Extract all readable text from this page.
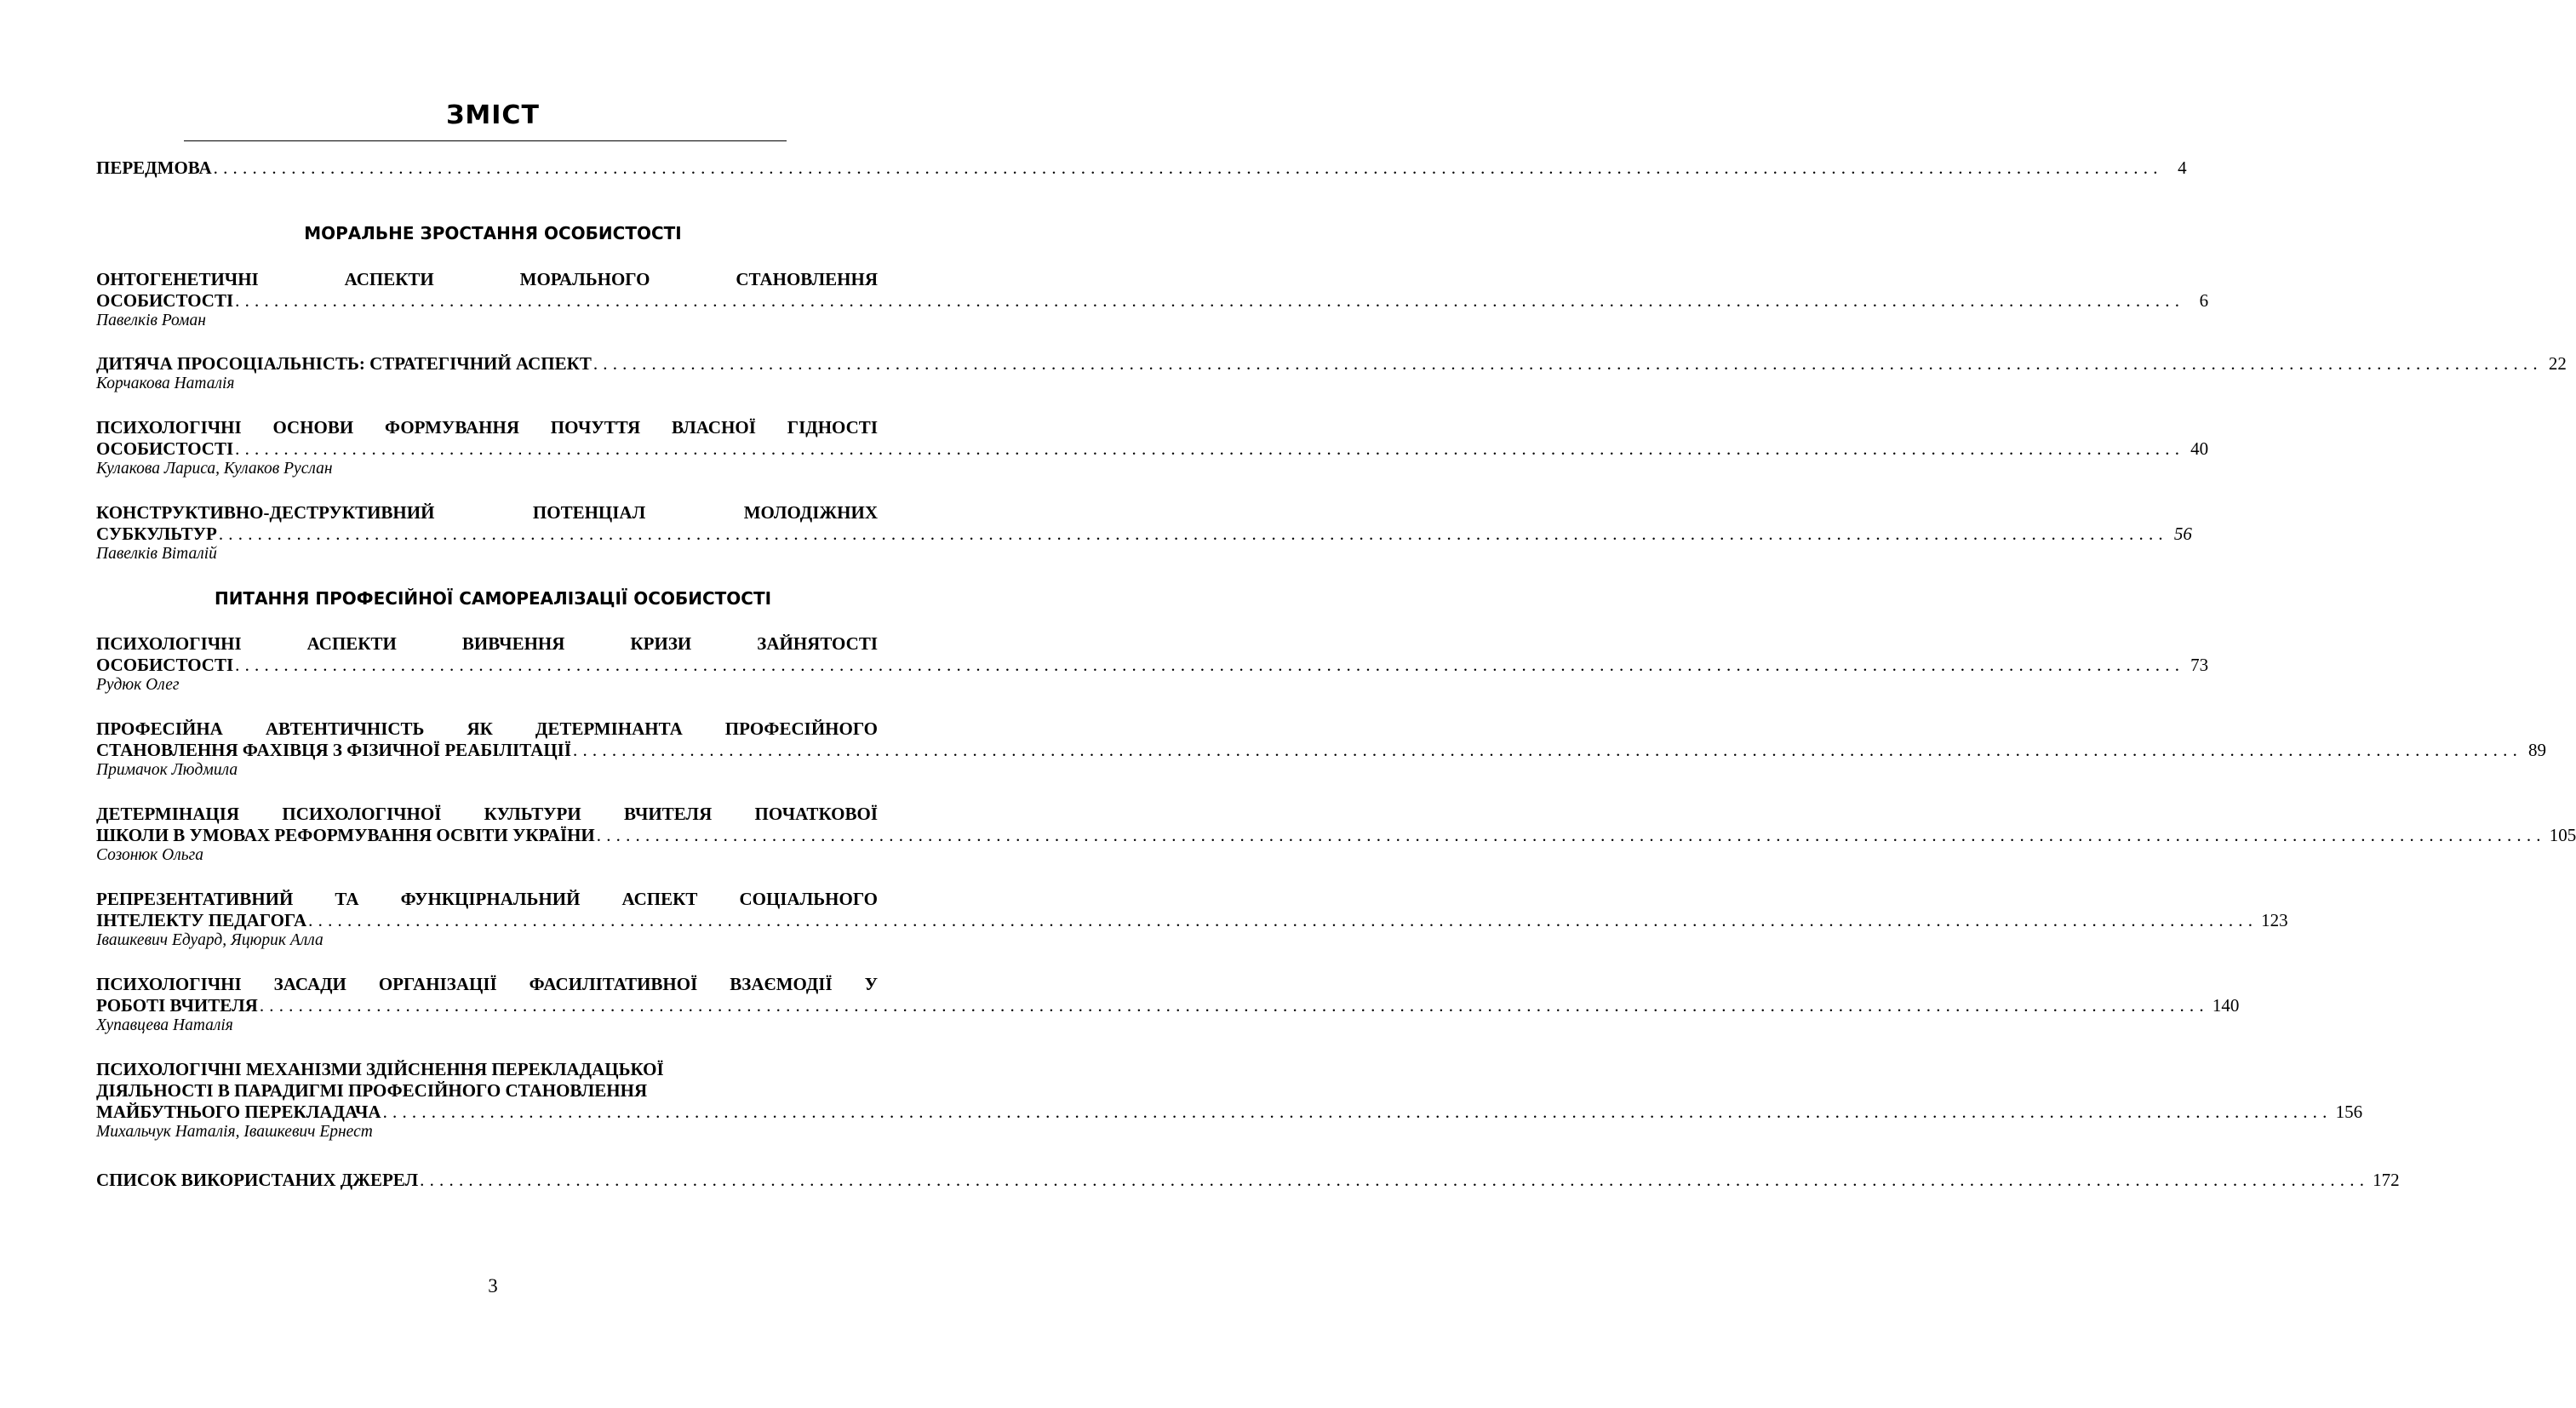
ЗМІСТ
ПЕРЕДМОВА ........................................................................................................................................................................................................ 4
МОРАЛЬНЕ ЗРОСТАННЯ ОСОБИСТОСТІ
ОНТОГЕНЕТИЧНІ АСПЕКТИ МОРАЛЬНОГО СТАНОВЛЕННЯ
ОСОБИСТОСТІ ........................................................................................................................................................................................................ 6
Павелків Роман
ДИТЯЧА ПРОСОЦІАЛЬНІСТЬ: СТРАТЕГІЧНИЙ АСПЕКТ ........................................................................................................................................................................................................ 22
Корчакова Наталія
ПСИХОЛОГІЧНІ ОСНОВИ ФОРМУВАННЯ ПОЧУТТЯ ВЛАСНОЇ ГІДНОСТІ
ОСОБИСТОСТІ ........................................................................................................................................................................................................ 40
Кулакова Лариса, Кулаков Руслан
КОНСТРУКТИВНО-ДЕСТРУКТИВНИЙ ПОТЕНЦІАЛ МОЛОДІЖНИХ
СУБКУЛЬТУР ........................................................................................................................................................................................................ 56
Павелків Віталій
ПИТАННЯ ПРОФЕСІЙНОЇ САМОРЕАЛІЗАЦІЇ ОСОБИСТОСТІ
ПСИХОЛОГІЧНІ АСПЕКТИ ВИВЧЕННЯ КРИЗИ ЗАЙНЯТОСТІ
ОСОБИСТОСТІ ........................................................................................................................................................................................................ 73
Рудюк Олег
ПРОФЕСІЙНА АВТЕНТИЧНІСТЬ ЯК ДЕТЕРМІНАНТА ПРОФЕСІЙНОГО
СТАНОВЛЕННЯ ФАХІВЦЯ З ФІЗИЧНОЇ РЕАБІЛІТАЦІЇ ........................................................................................................................................................................................................ 89
Примачок Людмила
ДЕТЕРМІНАЦІЯ ПСИХОЛОГІЧНОЇ КУЛЬТУРИ ВЧИТЕЛЯ ПОЧАТКОВОЇ
ШКОЛИ В УМОВАХ РЕФОРМУВАННЯ ОСВІТИ УКРАЇНИ ........................................................................................................................................................................................................ 105
Созонюк Ольга
РЕПРЕЗЕНТАТИВНИЙ ТА ФУНКЦІРНАЛЬНИЙ АСПЕКТ СОЦІАЛЬНОГО
ІНТЕЛЕКТУ ПЕДАГОГА ........................................................................................................................................................................................................ 123
Івашкевич Едуард, Яцюрик Алла
ПСИХОЛОГІЧНІ ЗАСАДИ ОРГАНІЗАЦІЇ ФАСИЛІТАТИВНОЇ ВЗАЄМОДІЇ У
РОБОТІ ВЧИТЕЛЯ ........................................................................................................................................................................................................ 140
Хупавцева Наталія
ПСИХОЛОГІЧНІ МЕХАНІЗМИ ЗДІЙСНЕННЯ ПЕРЕКЛАДАЦЬКОЇ
ДІЯЛЬНОСТІ В ПАРАДИГМІ ПРОФЕСІЙНОГО СТАНОВЛЕННЯ
МАЙБУТНЬОГО ПЕРЕКЛАДАЧА ........................................................................................................................................................................................................ 156
Михальчук Наталія, Івашкевич Ернест
СПИСОК ВИКОРИСТАНИХ ДЖЕРЕЛ ........................................................................................................................................................................................................ 172
3
